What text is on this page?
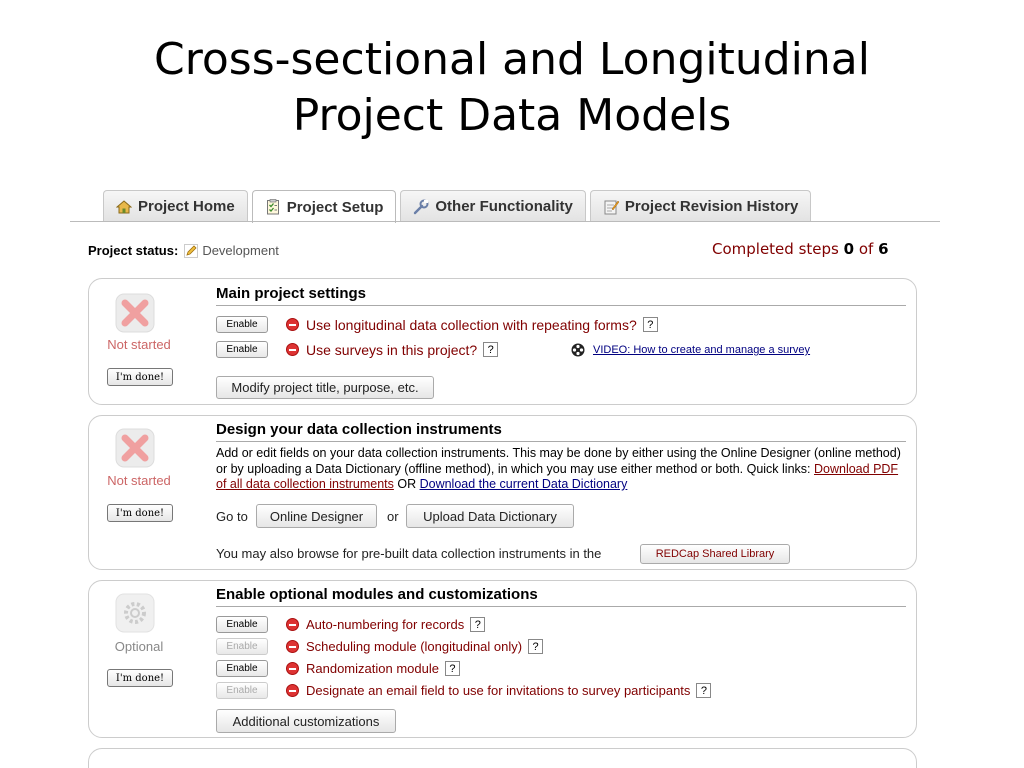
Cross-sectional and Longitudinal
Project Data Models
Project Home	Project Setup	Other Functionality	Project Revision History
Project status: Development	Completed steps 0 of 6
Not started
I'm done!
Main project settings
Enable	Use longitudinal data collection with repeating forms? ?
Enable	Use surveys in this project? ?	VIDEO: How to create and manage a survey
Modify project title, purpose, etc.
Not started
I'm done!
Design your data collection instruments
Add or edit fields on your data collection instruments. This may be done by either using the Online Designer (online method) or by uploading a Data Dictionary (offline method), in which you may use either method or both. Quick links: Download PDF of all data collection instruments OR Download the current Data Dictionary
Go to	Online Designer	or	Upload Data Dictionary
You may also browse for pre-built data collection instruments in the	REDCap Shared Library
Optional
I'm done!
Enable optional modules and customizations
Enable	Auto-numbering for records ?
Enable	Scheduling module (longitudinal only) ?
Enable	Randomization module ?
Enable	Designate an email field to use for invitations to survey participants ?
Additional customizations
